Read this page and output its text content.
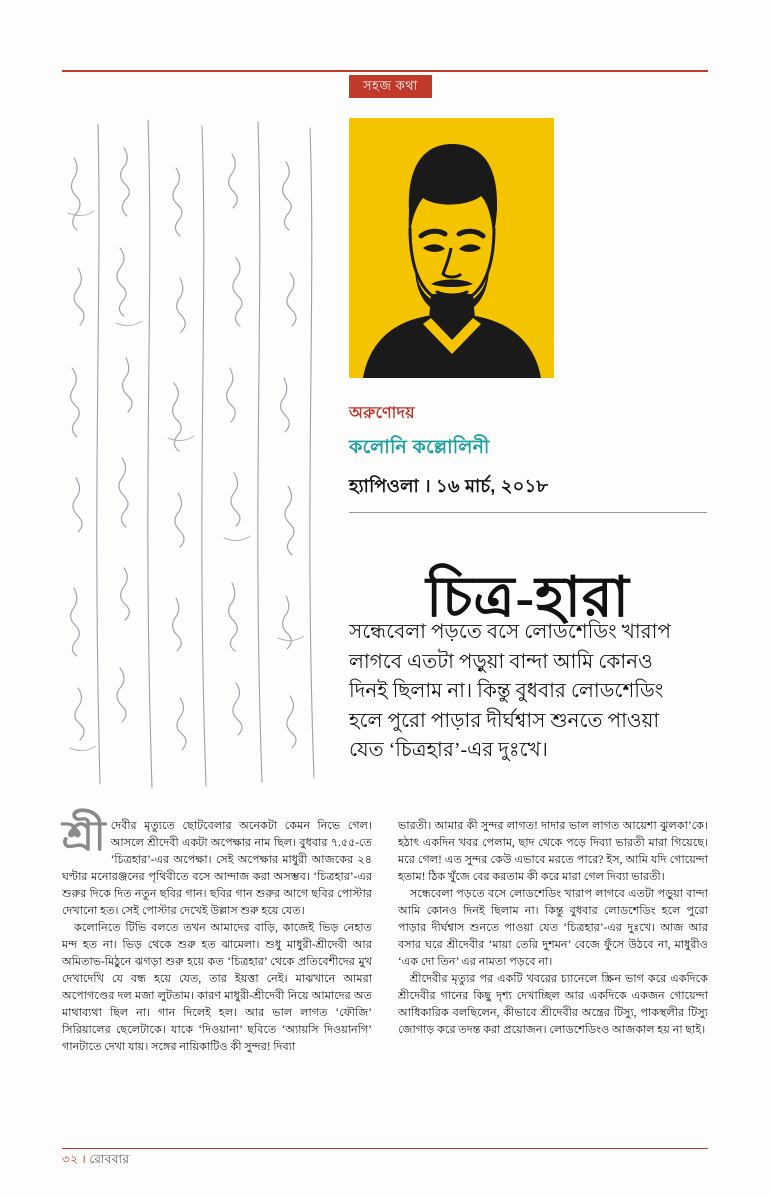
সহজ কথা
অরুণোদয়
কলোনি কল্লোলিনী
হ্যাপিওলা । ১৬ মার্চ, ২০১৮
চিত্র-হারা
সন্ধেবেলা পড়তে বসে লোডশেডিং খারাপ লাগবে এতটা পড়ুয়া বান্দা আমি কোনও দিনই ছিলাম না। কিন্তু বুধবার লোডশেডিং হলে পুরো পাড়ার দীর্ঘশ্বাস শুনতে পাওয়া যেত ‘চিত্রহার’-এর দুঃখে।

শ্রী দেবীর মৃত্যুতে ছোটবেলার অনেকটা কেমন নিভে গেল। আসলে শ্রীদেবী একটা অপেক্ষার নাম ছিল। বুধবার ৭.৫৫-তে ‘চিত্রহার’-এর অপেক্ষা। সেই অপেক্ষার মাধুরী আজকের ২৪ ঘণ্টার মনোরঞ্জনের পৃথিবীতে বসে আন্দাজ করা অসম্ভব। ‘চিত্রহার’-এর শুরুর দিকে দিত নতুন ছবির গান। ছবির গান শুরুর আগে ছবির পোস্টার দেখানো হত। সেই পোস্টার দেখেই উল্লাস শুরু হয়ে যেত।

কলোনিতে টিভি বলতে তখন আমাদের বাড়ি, কাজেই ভিড় নেহাত মন্দ হত না। ভিড় থেকে শুরু হত ঝামেলা। শুধু মাধুরী-শ্রীদেবী আর অমিতাভ-মিঠুনে ঝগড়া শুরু হয়ে কত ‘চিত্রহার’ থেকে প্রতিবেশীদের মুখ দেখাদেখি যে বন্ধ হয়ে যেত, তার ইয়ত্তা নেই। মাঝখানে আমরা অপোগণ্ডের দল মজা লুটতাম। কারণ মাধুরী-শ্রীদেবী নিয়ে আমাদের অত মাথাব্যথা ছিল না। গান দিলেই হল। আর ভাল লাগত ‘ফৌজি’ সিরিয়ালের ছেলেটাকে। যাকে ‘দিওয়ানা’ ছবিতে ‘অ্যায়সি দিওয়ানগি’ গানটাতে দেখা যায়। সঙ্গের নায়িকাটিও কী সুন্দর! দিব্যা

ভারতী। আমার কী সুন্দর লাগত! দাদার ভাল লাগত আয়েশা ঝুলকা’কে। হঠাৎ একদিন খবর পেলাম, ছাদ থেকে পড়ে দিব্যা ভারতী মারা গিয়েছে। মরে গেল! এত সুন্দর কেউ এভাবে মরতে পারে? ইস, আমি যদি গোয়েন্দা হতাম! ঠিক খুঁজে বের করতাম কী করে মারা গেল দিব্যা ভারতী।

সন্ধেবেলা পড়তে বসে লোডশেডিং খারাপ লাগবে এতটা পড়ুয়া বান্দা আমি কোনও দিনই ছিলাম না। কিন্তু বুধবার লোডশেডিং হলে পুরো পাড়ার দীর্ঘশ্বাস শুনতে পাওয়া যেত ‘চিত্রহার’-এর দুঃখে। আজ আর বসার ঘরে শ্রীদেবীর ‘মায়া তেরি দুশমন’ বেজে ফুঁসে উঠবে না, মাধুরীও ‘এক দো তিন’ এর নামতা পড়বে না।

শ্রীদেবীর মৃত্যুর পর একটি খবরের চ্যানেলে স্ক্রিন ভাগ করে একদিকে শ্রীদেবীর গানের কিছু দৃশ্য দেখাচ্ছিল আর একদিকে একজন গোয়েন্দা আধিকারিক বলছিলেন, কীভাবে শ্রীদেবীর অন্ত্রের টিস্যু, পাকস্থলীর টিস্যু জোগাড় করে তদন্ত করা প্রয়োজন। লোডশেডিংও আজকাল হয় না ছাই।

৩২ । রোববার
